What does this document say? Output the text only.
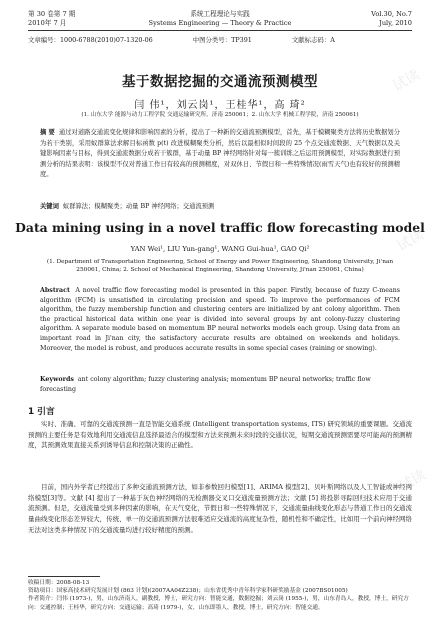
第 30 卷第 7 期	系统工程理论与实践	Vol.30, No.7
2010年 7 月	Systems Engineering — Theory & Practice	July, 2010
文章编号：1000-6788(2010)07-1320-06	中图分类号：TP391	文献标志码：A
基于数据挖掘的交通流预测模型
闫 伟¹，刘云岗¹，王桂华¹，高 琦²
(1. 山东大学 能源与动力工程学院 交通运输研究所，济南 250061；2. 山东大学 机械工程学院，济南 250061)
摘 要 通过对道路交通流变化规律和影响因素的分析，提出了一种新的交通流预测模型，首先，基于模糊聚类方法将历史数据划分为若干类别，采用蚁群算法求解目标函数 p(t) 改进模糊聚类分析，然后以最相似时间段的 25 个点交通流数据、天气数据以及关键影响因素与目标，得到交通流数据分成若干簇群，基于动量 BP 神经网络针对每一簇训练之后运用预测模型，对实际数据进行预测分析的结果表明：该模型不仅对普通工作日有较高的预测精度，对双休日、节假日和一些特殊情况(雨雪天气)也有较好的预测精度。
关键词 蚁群算法；模糊聚类；动量 BP 神经网络；交通流预测
Data mining using in a novel traffic flow forecasting model
YAN Wei¹, LIU Yun-gang¹, WANG Gui-hua¹, GAO Qi²
(1. Department of Transportation Engineering, School of Energy and Power Engineering, Shandong University, Ji'nan 250061, China; 2. School of Mechanical Engineering, Shandong University, Ji'nan 250061, China)
Abstract A novel traffic flow forecasting model is presented in this paper. Firstly, because of fuzzy C-means algorithm (FCM) is unsatisfied in circulating precision and speed. To improve the performances of FCM algorithm, the fuzzy membership function and clustering centers are initialized by ant colony algorithm. Then the practical historical data within one year is divided into several groups by ant colony-fuzzy clustering algorithm. A separate module based on momentum BP neural networks models each group. Using data from an important road in Ji'nan city, the satisfactory accurate results are obtained on weekends and holidays. Moreover, the model is robust, and produces accurate results in some special cases (raining or snowing).
Keywords ant colony algorithm; fuzzy clustering analysis; momentum BP neural networks; traffic flow forecasting
1 引言

实时、准确、可靠的交通流预测一直是智能交通系统 (Intelligent transportation systems, ITS) 研究领域的重要课题。交通流预测的主要任务是有效地利用交通流信息选择最适合的模型和方法来预测未来时段的交通状况，短期交通流预测需要尽可能高的预测精度，其预测效果直接关系到诱导信息和控制决策的正确性。

目前，国内外学者已经提出了多种交通流预测方法，如非参数回归模型[1]、ARIMA 模型[2]、贝叶斯网络以及人工智能或神经网络模型[3]等。文献 [4] 提出了一种基于灰色神经网络的无检测器交叉口交通流量预测方法；文献 [5] 将投影寻踪回归技术应用于交通流预测。但是，交通流量受到多种因素的影响，在天气变化，节假日和一些特殊情况下，交通流量曲线变化形态与普通工作日的交通流量曲线变化形态差异较大，传统、单一的交通流预测方法很难适应交通流的高度复杂性，随机性和不确定性，比如用一个前向神经网络无法对这类多种情况下的交通流量均进行较好精度的预测。

收稿日期：2008-08-13
资助项目：国家高技术研究发展计划 (863 计划)(2007AA04Z238)；山东省优秀中青年科学家科研奖励基金 (2007BS01005)
作者简介：闫伟 (1973-)，男，山东济南人，副教授，博士，研究方向：智能交通，数据挖掘；刘云岗 (1955-)，男，山东青岛人，教授，博士，研究方向：交通控制；王桂华，研究方向：交通运输；高琦 (1979-)，女，山东即墨人，教授，博士，研究方向：智能交通。
试读
试读
试读
